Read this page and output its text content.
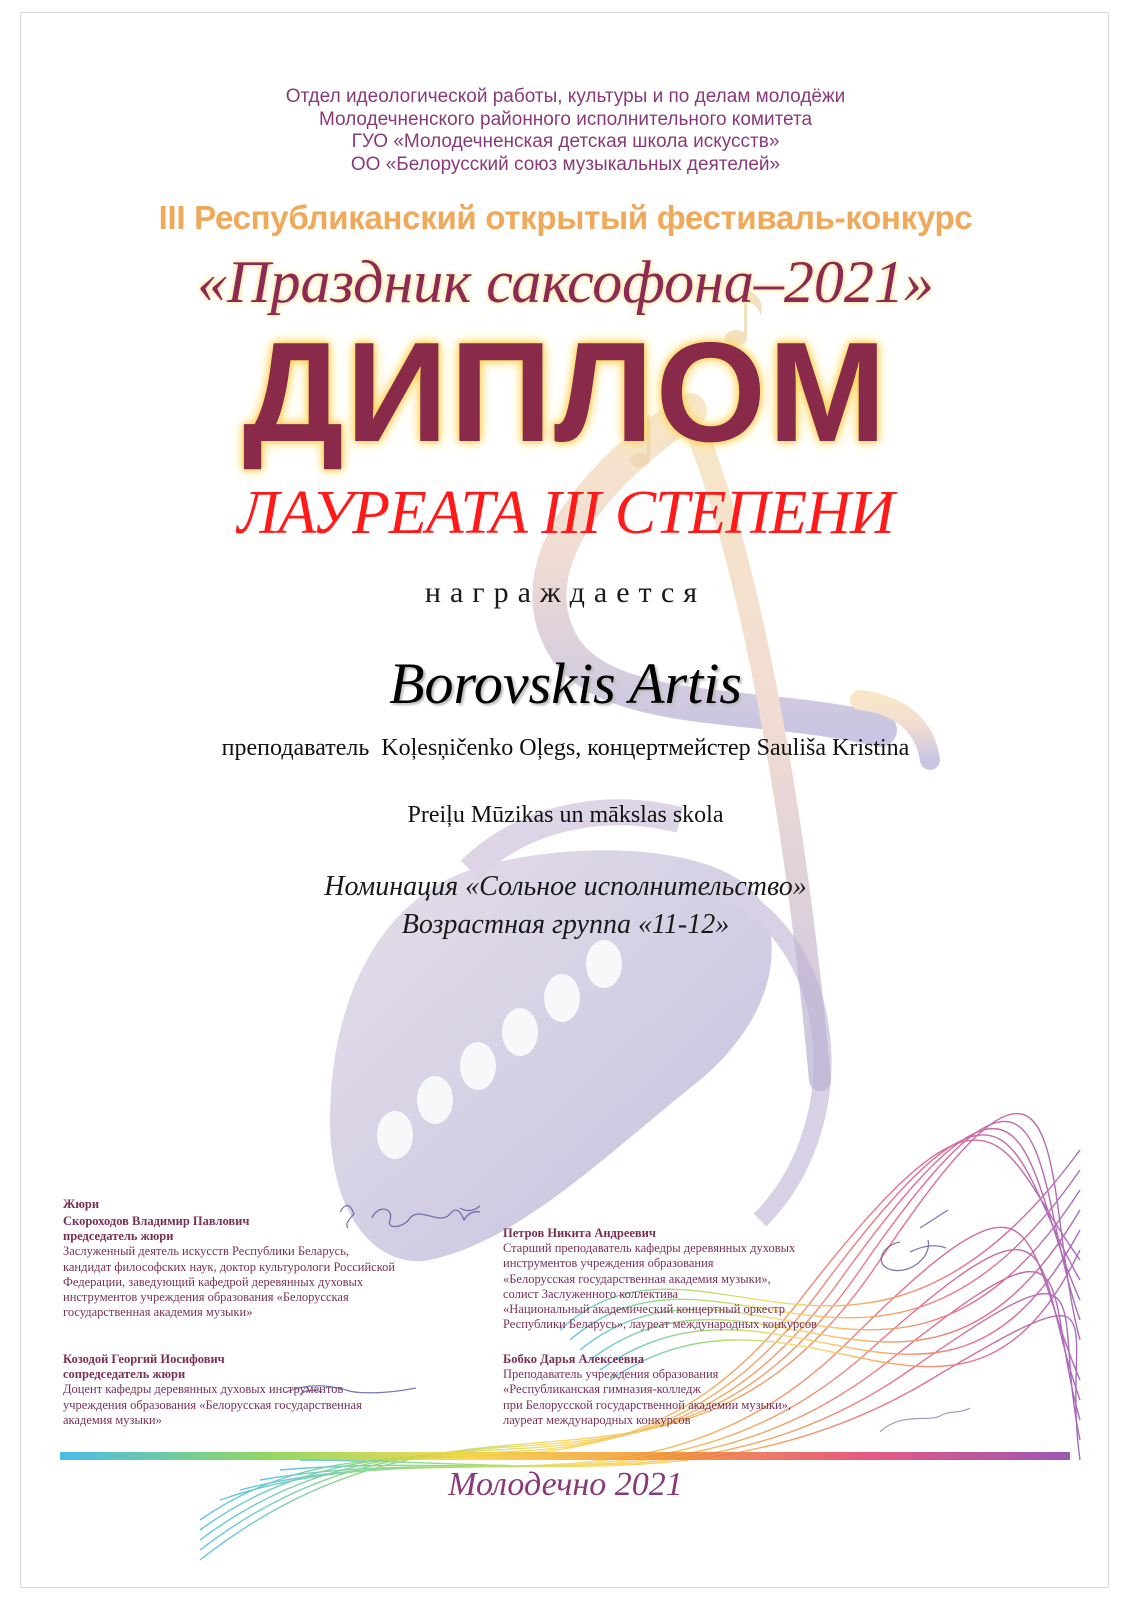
Отдел идеологической работы, культуры и по делам молодёжи
Молодечненского районного исполнительного комитета
ГУО «Молодечненская детская школа искусств»
ОО «Белорусский союз музыкальных деятелей»
III Республиканский открытый фестиваль-конкурс
«Праздник саксофона–2021»
ДИПЛОМ
ЛАУРЕАТА III СТЕПЕНИ
награждается
Borovskis Artis
преподаватель  Koļesņičenko Oļegs, концертмейстер Sauliša Kristina
Preiļu Mūzikas un mākslas skola
Номинация «Сольное исполнительство»
Возрастная группа «11-12»
Жюри
Скороходов Владимир Павлович
председатель жюри
Заслуженный деятель искусств Республики Беларусь,
кандидат философских наук, доктор культурологи Российской
Федерации, заведующий кафедрой деревянных духовых
инструментов учреждения образования «Белорусская
государственная академия музыки»
Петров Никита Андреевич
Старший преподаватель кафедры деревянных духовых
инструментов учреждения образования
«Белорусская государственная академия музыки»,
солист Заслуженного коллектива
«Национальный академический концертный оркестр
Республики Беларусь», лауреат международных конкурсов
Козодой Георгий Иосифович
сопредседатель жюри
Доцент кафедры деревянных духовых инструментов
учреждения образования «Белорусская государственная
академия музыки»
Бобко Дарья Алексеевна
Преподаватель учреждения образования
«Республиканская гимназия-колледж
при Белорусской государственной академии музыки»,
лауреат международных конкурсов
Молодечно 2021
